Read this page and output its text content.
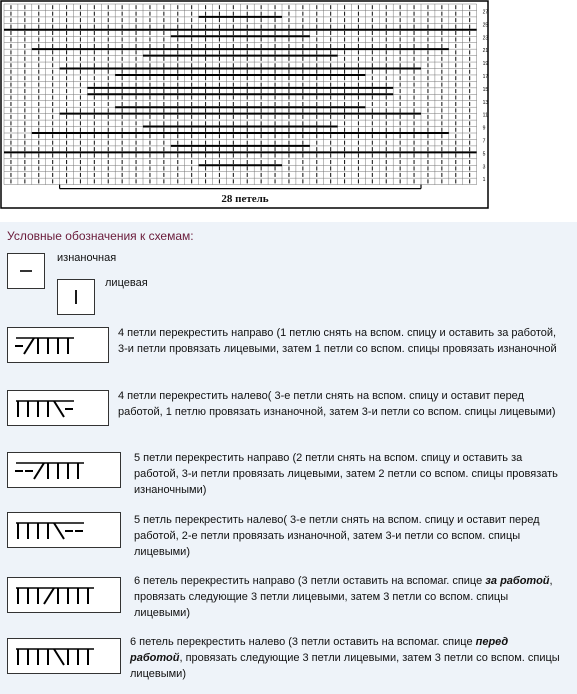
27
25
23
21
19
17
15
13
11
9
7
5
3
1
28 петель
Условные обозначения к схемам:
изнаночная
лицевая
4 петли перекрестить направо (1 петлю снять на вспом. спицу и оставить за работой, 3-и петли провязать лицевыми, затем 1 петли со вспом. спицы провязать изнаночной
4 петли перекрестить налево( 3-е петли снять на вспом. спицу и оставит перед работой, 1 петлю провязать изнаночной, затем 3-и петли со вспом. спицы лицевыми)
5 петли перекрестить направо (2 петли снять на вспом. спицу и оставить за работой, 3-и петли провязать лицевыми, затем 2 петли со вспом. спицы провязать изнаночными)
5 петль перекрестить налево( 3-е петли снять на вспом. спицу и оставит перед работой, 2-е петли провязать изнаночной, затем 3-и петли со вспом. спицы лицевыми)
6 петель перекрестить направо (3 петли оставить на вспомаг. спице за работой, провязать следующие 3 петли лицевыми, затем 3 петли со вспом. спицы лицевыми)
6 петель перекрестить налево (3 петли оставить на вспомаг. спице перед работой, провязать следующие 3 петли лицевыми, затем 3 петли со вспом. спицы лицевыми)
